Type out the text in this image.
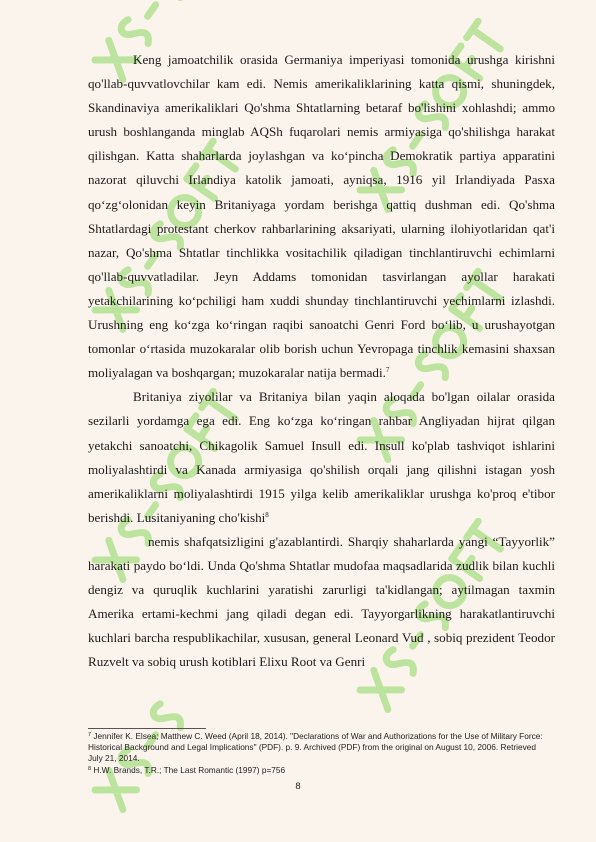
Keng jamoatchilik orasida Germaniya imperiyasi tomonida urushga kirishni qo'llab-quvvatlovchilar kam edi. Nemis amerikaliklarining katta qismi, shuningdek, Skandinaviya amerikaliklari Qo'shma Shtatlarning betaraf bo'lishini xohlashdi; ammo urush boshlanganda minglab AQSh fuqarolari nemis armiyasiga qo'shilishga harakat qilishgan. Katta shaharlarda joylashgan va ko‘pincha Demokratik partiya apparatini nazorat qiluvchi Irlandiya katolik jamoati, ayniqsa, 1916 yil Irlandiyada Pasxa qo‘zg‘olonidan keyin Britaniyaga yordam berishga qattiq dushman edi. Qo'shma Shtatlardagi protestant cherkov rahbarlarining aksariyati, ularning ilohiyotlaridan qat'i nazar, Qo'shma Shtatlar tinchlikka vositachilik qiladigan tinchlantiruvchi echimlarni qo'llab-quvvatladilar. Jeyn Addams tomonidan tasvirlangan ayollar harakati yetakchilarining ko‘pchiligi ham xuddi shunday tinchlantiruvchi yechimlarni izlashdi. Urushning eng ko‘zga ko‘ringan raqibi sanoatchi Genri Ford bo‘lib, u urushayotgan tomonlar o‘rtasida muzokaralar olib borish uchun Yevropaga tinchlik kemasini shaxsan moliyalagan va boshqargan; muzokaralar natija bermadi.$^7$

Britaniya ziyolilar va Britaniya bilan yaqin aloqada bo'lgan oilalar orasida sezilarli yordamga ega edi. Eng ko‘zga ko‘ringan rahbar Angliyadan hijrat qilgan yetakchi sanoatchi, Chikagolik Samuel Insull edi. Insull ko'plab tashviqot ishlarini moliyalashtirdi va Kanada armiyasiga qo'shilish orqali jang qilishni istagan yosh amerikaliklarni moliyalashtirdi 1915 yilga kelib amerikaliklar urushga ko'proq e'tibor berishdi. Lusitaniyaning cho'kishi$^8$

nemis shafqatsizligini g'azablantirdi. Sharqiy shaharlarda yangi “Tayyorlik” harakati paydo bo‘ldi. Unda Qo'shma Shtatlar mudofaa maqsadlarida zudlik bilan kuchli dengiz va quruqlik kuchlarini yaratishi zarurligi ta'kidlangan; aytilmagan taxmin Amerika ertami-kechmi jang qiladi degan edi. Tayyorgarlikning harakatlantiruvchi kuchlari barcha respublikachilar, xususan, general Leonard Vud , sobiq prezident Teodor Ruzvelt va sobiq urush kotiblari Elixu Root va Genri

$^7$ Jennifer K. Elsea; Matthew C. Weed (April 18, 2014). "Declarations of War and Authorizations for the Use of Military Force: Historical Background and Legal Implications" (PDF). p. 9. Archived (PDF) from the original on August 10, 2006. Retrieved July 21, 2014.

$^8$ H.W. Brands, T.R.; The Last Romantic (1997) p=756

8
